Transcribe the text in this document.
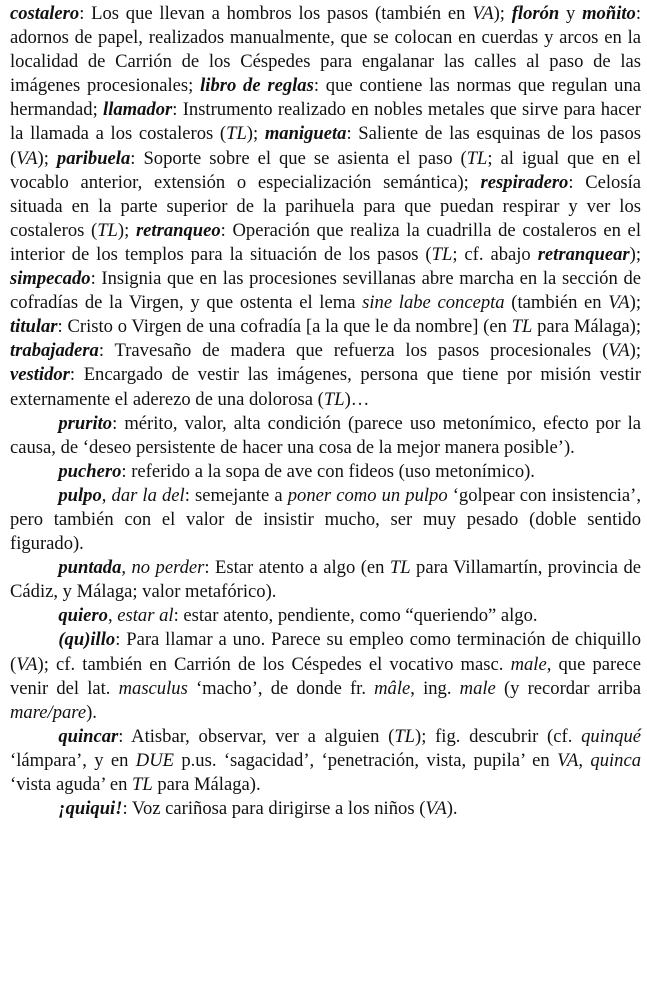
costalero: Los que llevan a hombros los pasos (también en VA); florón y moñito: adornos de papel, realizados manualmente, que se colocan en cuerdas y arcos en la localidad de Carrión de los Céspedes para engalanar las calles al paso de las imágenes procesionales; libro de reglas: que contiene las normas que regulan una hermandad; llamador: Instrumento realizado en nobles metales que sirve para hacer la llamada a los costaleros (TL); manigueta: Saliente de las esquinas de los pasos (VA); paribuela: Soporte sobre el que se asienta el paso (TL; al igual que en el vocablo anterior, extensión o especialización semántica); respiradero: Celosía situada en la parte superior de la parihuela para que puedan respirar y ver los costaleros (TL); retranqueo: Operación que realiza la cuadrilla de costaleros en el interior de los templos para la situación de los pasos (TL; cf. abajo retranquear); simpecado: Insignia que en las procesiones sevillanas abre marcha en la sección de cofradías de la Virgen, y que ostenta el lema sine labe concepta (también en VA); titular: Cristo o Virgen de una cofradía [a la que le da nombre] (en TL para Málaga); trabajadera: Travesaño de madera que refuerza los pasos procesionales (VA); vestidor: Encargado de vestir las imágenes, persona que tiene por misión vestir externamente el aderezo de una dolorosa (TL)…

prurito: mérito, valor, alta condición (parece uso metonímico, efecto por la causa, de ‘deseo persistente de hacer una cosa de la mejor manera posible’).

puchero: referido a la sopa de ave con fideos (uso metonímico).

pulpo, dar la del: semejante a poner como un pulpo ‘golpear con insistencia’, pero también con el valor de insistir mucho, ser muy pesado (doble sentido figurado).

puntada, no perder: Estar atento a algo (en TL para Villamartín, provincia de Cádiz, y Málaga; valor metafórico).

quiero, estar al: estar atento, pendiente, como “queriendo” algo.

(qu)illo: Para llamar a uno. Parece su empleo como terminación de chiquillo (VA); cf. también en Carrión de los Céspedes el vocativo masc. male, que parece venir del lat. masculus ‘macho’, de donde fr. mâle, ing. male (y recordar arriba mare/pare).

quincar: Atisbar, observar, ver a alguien (TL); fig. descubrir (cf. quinqué ‘lámpara’, y en DUE p.us. ‘sagacidad’, ‘penetración, vista, pupila’ en VA, quinca ‘vista aguda’ en TL para Málaga).

¡quiqui!: Voz cariñosa para dirigirse a los niños (VA).
